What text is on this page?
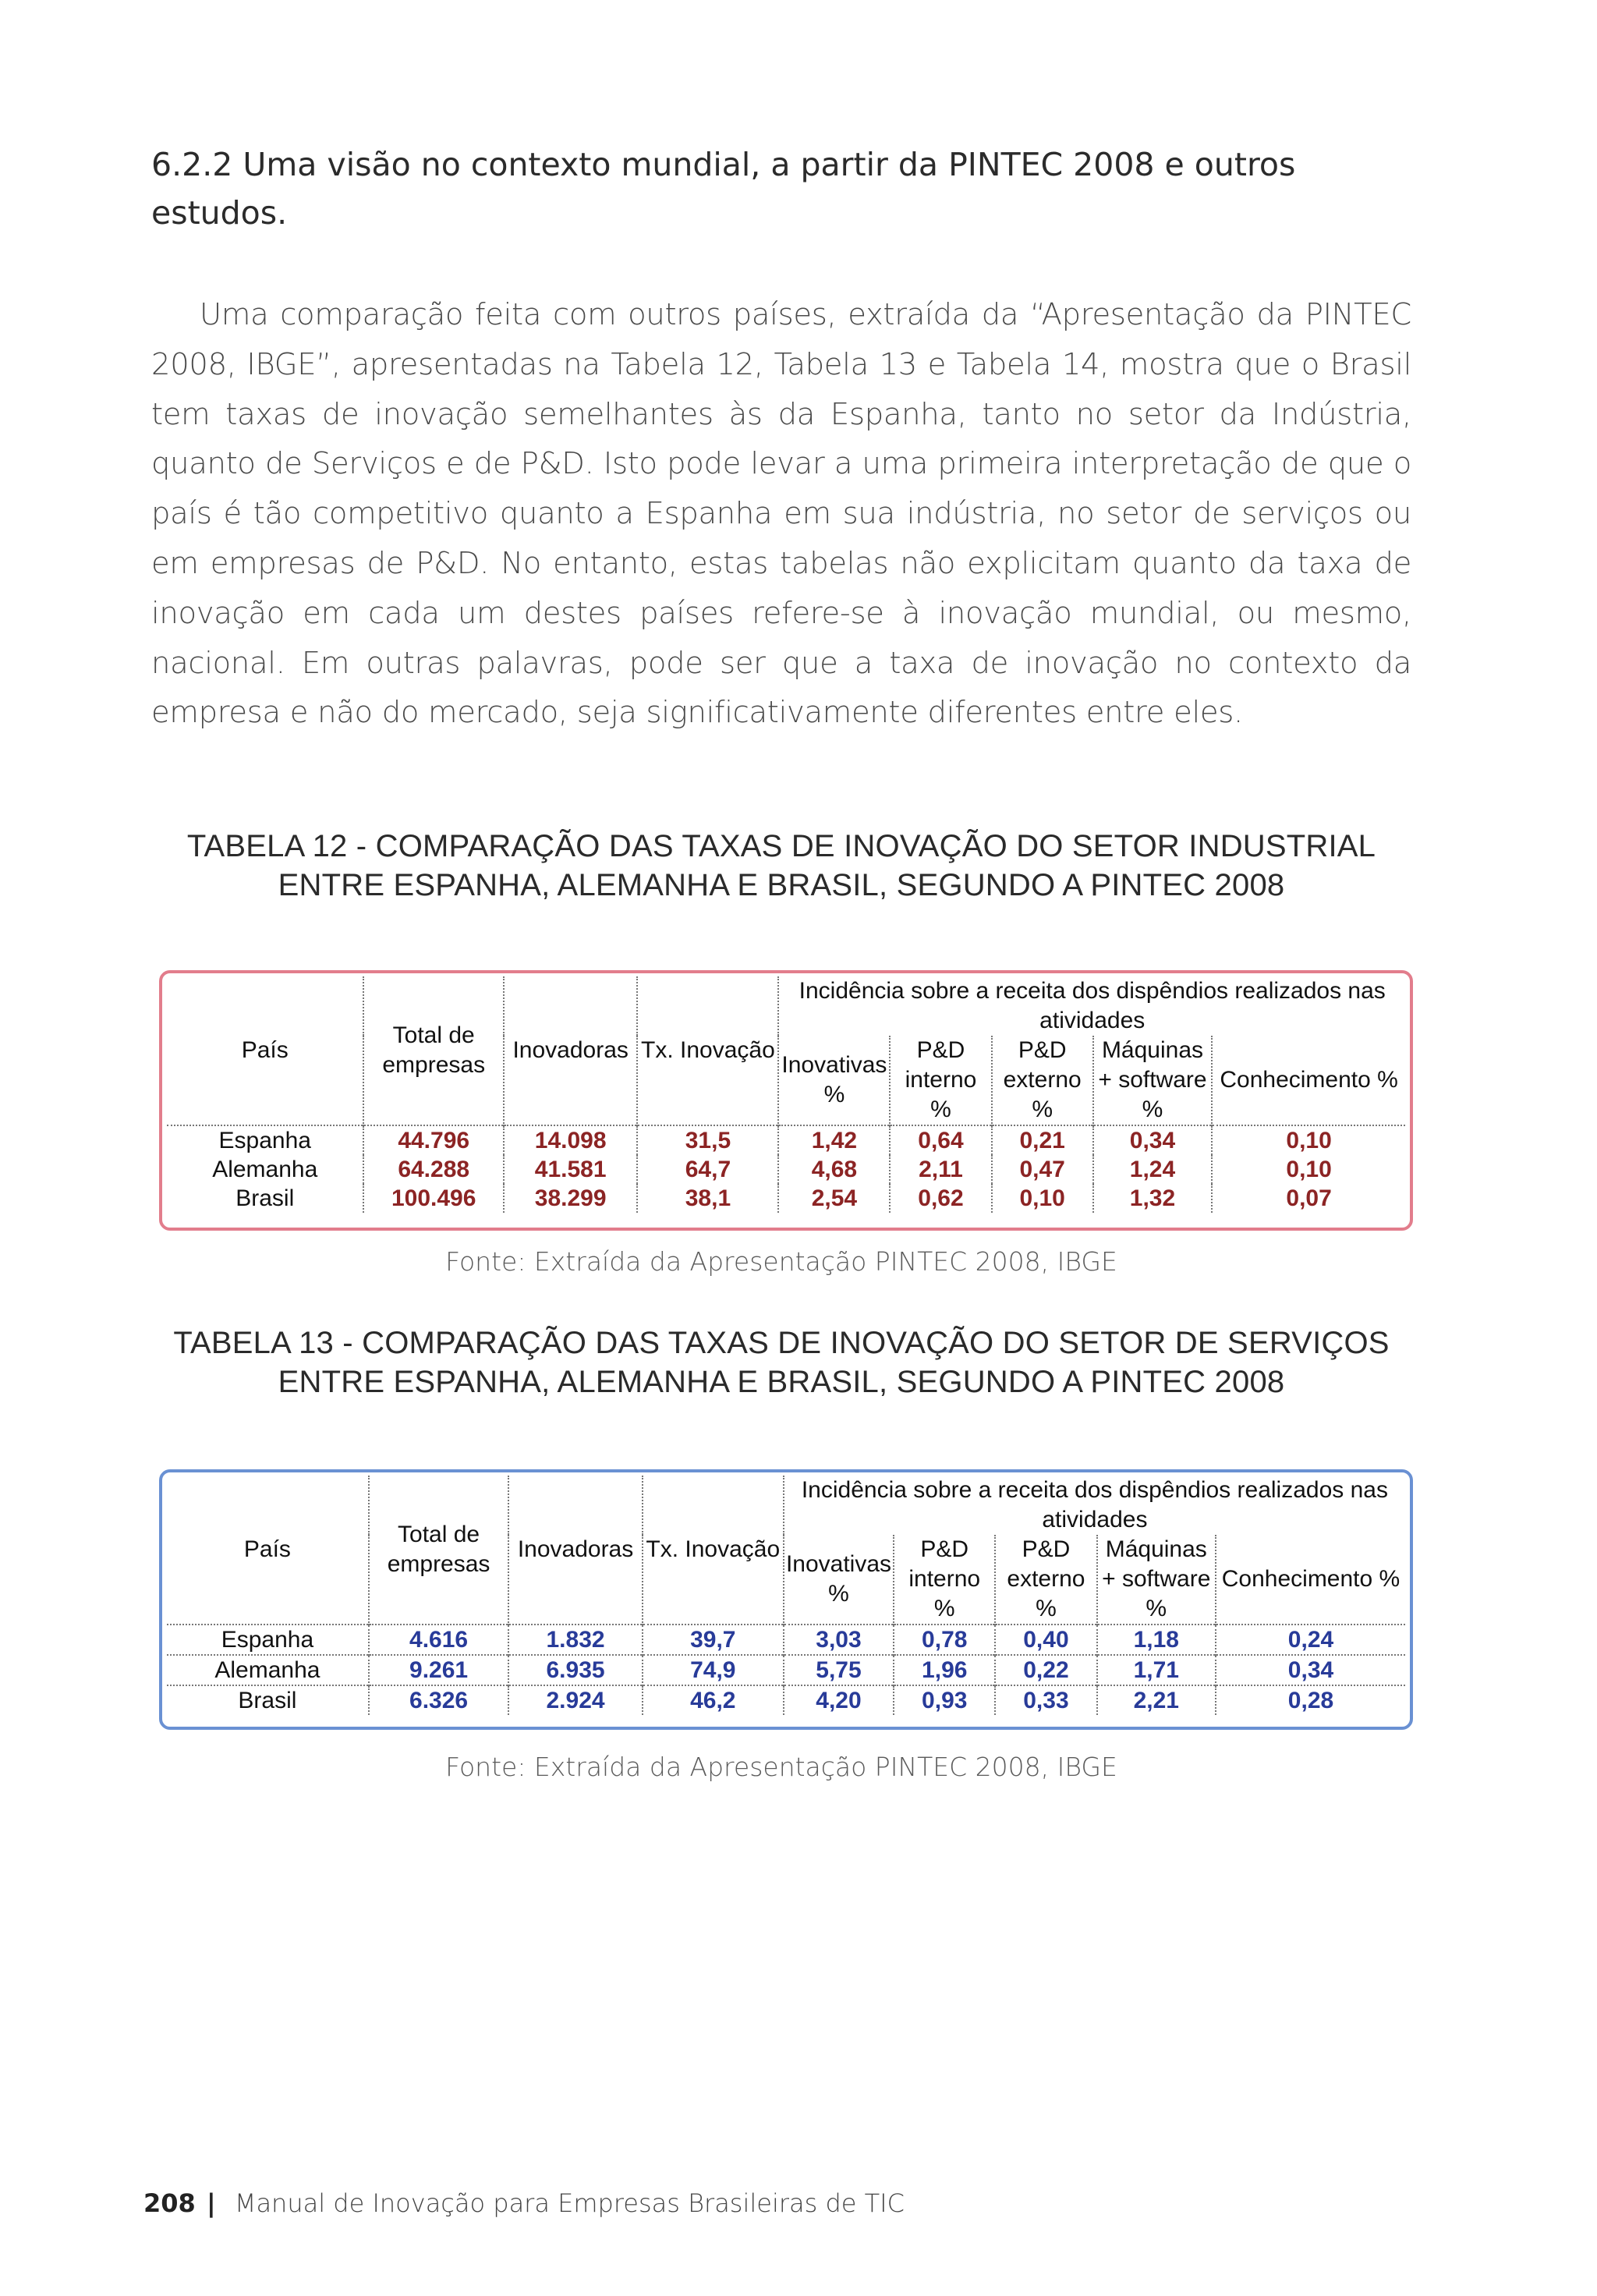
6.2.2 Uma visão no contexto mundial, a partir da PINTEC 2008 e outros estudos.

Uma comparação feita com outros países, extraída da “Apresentação da PINTEC 2008, IBGE”, apresentadas na Tabela 12, Tabela 13 e Tabela 14, mostra que o Brasil tem taxas de inovação semelhantes às da Espanha, tanto no setor da Indústria, quanto de Serviços e de P&D. Isto pode levar a uma primeira interpretação de que o país é tão competitivo quanto a Espanha em sua indústria, no setor de serviços ou em empresas de P&D. No entanto, estas tabelas não explicitam quanto da taxa de inovação em cada um destes países refere-se à inovação mundial, ou mesmo, nacional. Em outras palavras, pode ser que a taxa de inovação no contexto da empresa e não do mercado, seja significativamente diferentes entre eles.

TABELA 12 - COMPARAÇÃO DAS TAXAS DE INOVAÇÃO DO SETOR INDUSTRIAL ENTRE ESPANHA, ALEMANHA E BRASIL, SEGUNDO A PINTEC 2008

País	Total de empresas	Inovadoras	Tx. Inovação	Incidência sobre a receita dos dispêndios realizados nas atividades				
				Inovativas %	P&D interno %	P&D externo %	Máquinas + software %	Conhecimento %
Espanha	44.796	14.098	31,5	1,42	0,64	0,21	0,34	0,10
Alemanha	64.288	41.581	64,7	4,68	2,11	0,47	1,24	0,10
Brasil	100.496	38.299	38,1	2,54	0,62	0,10	1,32	0,07

Fonte: Extraída da Apresentação PINTEC 2008, IBGE

TABELA 13 - COMPARAÇÃO DAS TAXAS DE INOVAÇÃO DO SETOR DE SERVIÇOS ENTRE ESPANHA, ALEMANHA E BRASIL, SEGUNDO A PINTEC 2008

País	Total de empresas	Inovadoras	Tx. Inovação	Incidência sobre a receita dos dispêndios realizados nas atividades				
				Inovativas %	P&D interno %	P&D externo %	Máquinas + software %	Conhecimento %
Espanha	4.616	1.832	39,7	3,03	0,78	0,40	1,18	0,24
Alemanha	9.261	6.935	74,9	5,75	1,96	0,22	1,71	0,34
Brasil	6.326	2.924	46,2	4,20	0,93	0,33	2,21	0,28

Fonte: Extraída da Apresentação PINTEC 2008, IBGE

208 | Manual de Inovação para Empresas Brasileiras de TIC
